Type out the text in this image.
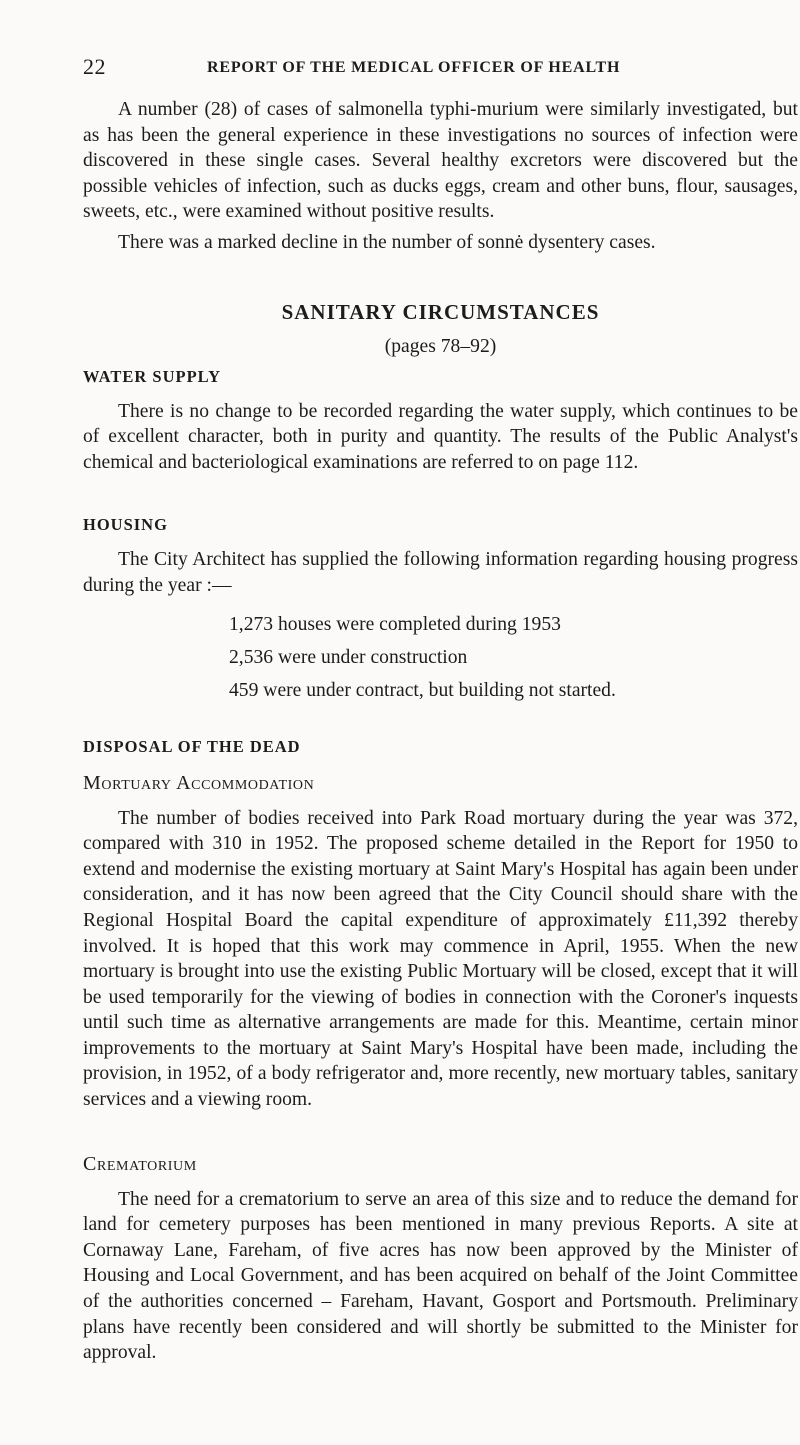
22	REPORT OF THE MEDICAL OFFICER OF HEALTH

A number (28) of cases of salmonella typhi-murium were similarly investigated, but as has been the general experience in these investigations no sources of infection were discovered in these single cases. Several healthy excretors were discovered but the possible vehicles of infection, such as ducks eggs, cream and other buns, flour, sausages, sweets, etc., were examined without positive results.

There was a marked decline in the number of sonnė dysentery cases.

SANITARY CIRCUMSTANCES
(pages 78–92)
WATER SUPPLY

There is no change to be recorded regarding the water supply, which continues to be of excellent character, both in purity and quantity. The results of the Public Analyst's chemical and bacteriological examinations are referred to on page 112.

HOUSING

The City Architect has supplied the following information regarding housing progress during the year :—

1,273 houses were completed during 1953
2,536 were under construction
459 were under contract, but building not started.
DISPOSAL OF THE DEAD
Mortuary Accommodation

The number of bodies received into Park Road mortuary during the year was 372, compared with 310 in 1952. The proposed scheme detailed in the Report for 1950 to extend and modernise the existing mortuary at Saint Mary's Hospital has again been under consideration, and it has now been agreed that the City Council should share with the Regional Hospital Board the capital expenditure of approximately £11,392 thereby involved. It is hoped that this work may commence in April, 1955. When the new mortuary is brought into use the existing Public Mortuary will be closed, except that it will be used temporarily for the viewing of bodies in connection with the Coroner's inquests until such time as alternative arrangements are made for this. Meantime, certain minor improvements to the mortuary at Saint Mary's Hospital have been made, including the provision, in 1952, of a body refrigerator and, more recently, new mortuary tables, sanitary services and a viewing room.

Crematorium

The need for a crematorium to serve an area of this size and to reduce the demand for land for cemetery purposes has been mentioned in many previous Reports. A site at Cornaway Lane, Fareham, of five acres has now been approved by the Minister of Housing and Local Government, and has been acquired on behalf of the Joint Committee of the authorities concerned – Fareham, Havant, Gosport and Portsmouth. Preliminary plans have recently been considered and will shortly be submitted to the Minister for approval.
